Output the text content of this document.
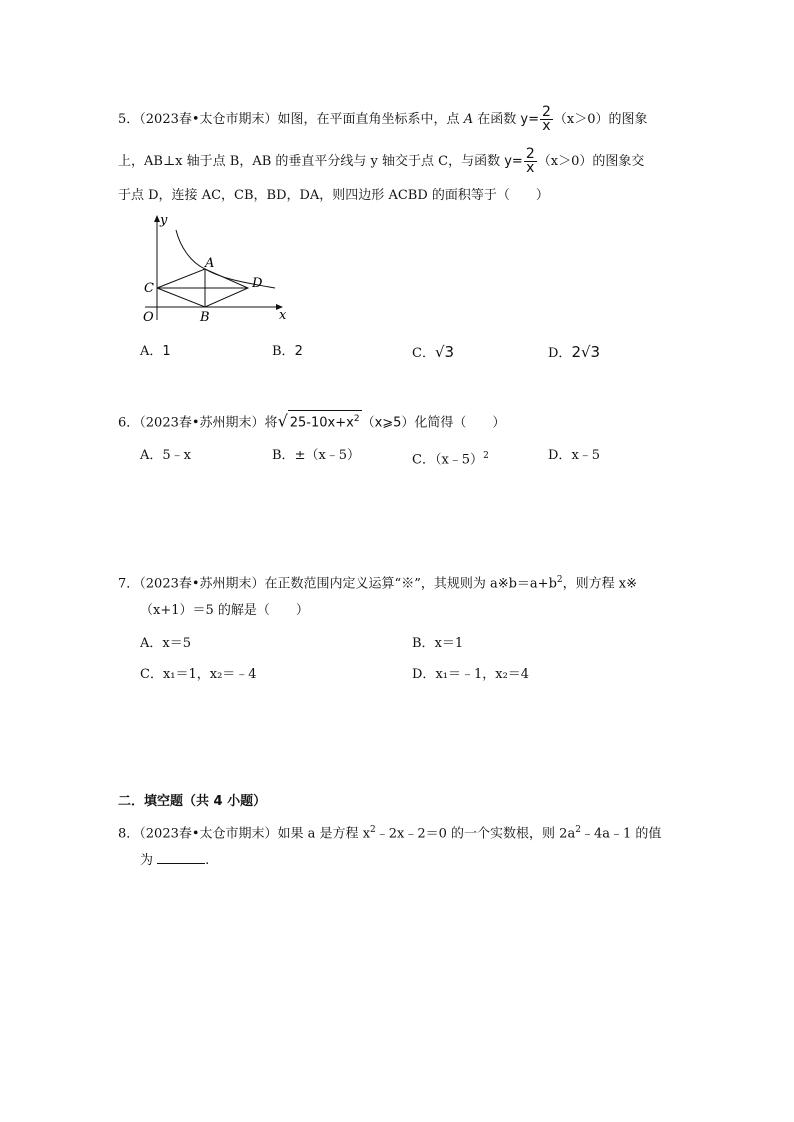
5．（2023春•太仓市期末）如图，在平面直角坐标系中，点 A 在函数 $y= \frac{2}{x} (x>0)$的图象
上，AB⊥x 轴于点 B，AB 的垂直平分线与 y 轴交于点 C，与函数 $y= \frac{2}{x} (x>0)$的图象交
于点 D，连接 AC，CB，BD，DA，则四边形 ACBD 的面积等于（　　）
y
x
O
A
B
C	D
A．1	B．2	C．√3	D．2√3
6．（2023春•苏州期末）将√ $25-10x+x^2$ （x⩾5）化简得（　　）
A．5﹣x	B．±（x﹣5）	C．（x﹣5）$^2$	D．x﹣5
7．（2023春•苏州期末）在正数范围内定义运算“※”，其规则为 $a※b=a+b^2$，则方程 x※
（x+1）＝5 的解是（　　）
A．x＝5	B．x＝1
C．x₁＝1，x₂＝﹣4	D．x₁＝﹣1，x₂＝4
二．填空题（共 4 小题）
8．（2023春•太仓市期末）如果 a 是方程 $x^2﹣2x﹣2=0$ 的一个实数根，则 $2a^2﹣4a﹣1$ 的值
为	.
